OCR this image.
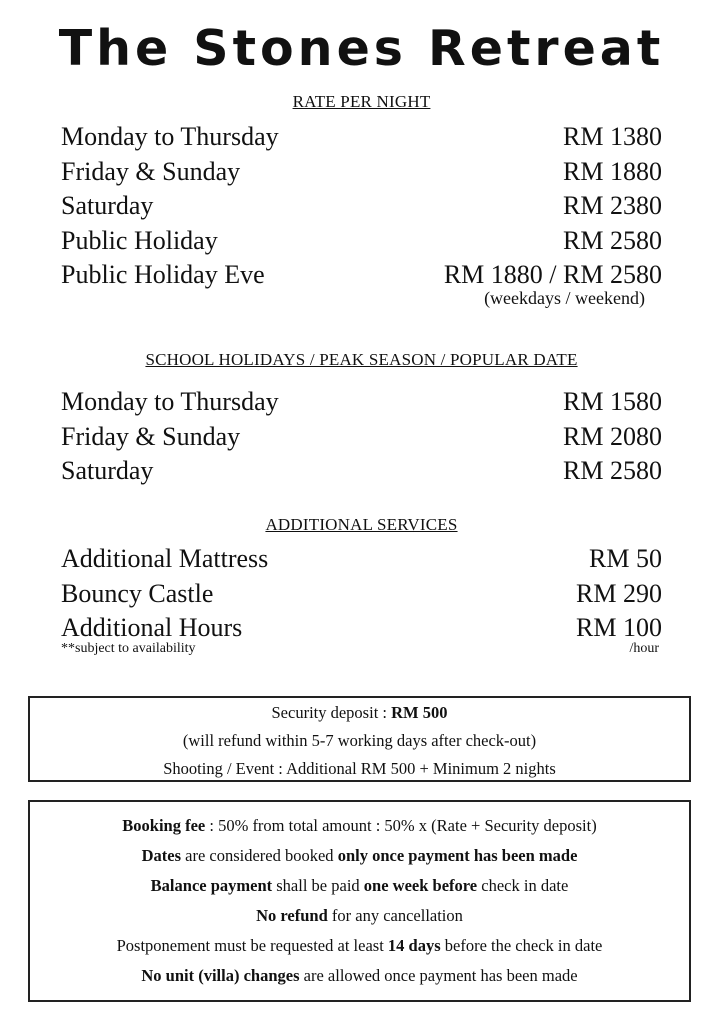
The Stones Retreat
RATE PER NIGHT
Monday to Thursday	RM 1380
Friday & Sunday	RM 1880
Saturday	RM 2380
Public Holiday	RM 2580
Public Holiday Eve	RM 1880 / RM 2580
(weekdays / weekend)
SCHOOL HOLIDAYS / PEAK SEASON / POPULAR DATE
Monday to Thursday	RM 1580
Friday & Sunday	RM 2080
Saturday	RM 2580
ADDITIONAL SERVICES
Additional Mattress	RM 50
Bouncy Castle	RM 290
Additional Hours	RM 100
**subject to availability	/hour
Security deposit : RM 500
(will refund within 5-7 working days after check-out)
Shooting / Event : Additional RM 500 + Minimum 2 nights
Booking fee : 50% from total amount : 50% x (Rate + Security deposit)
Dates are considered booked only once payment has been made
Balance payment shall be paid one week before check in date
No refund for any cancellation
Postponement must be requested at least 14 days before the check in date
No unit (villa) changes are allowed once payment has been made
